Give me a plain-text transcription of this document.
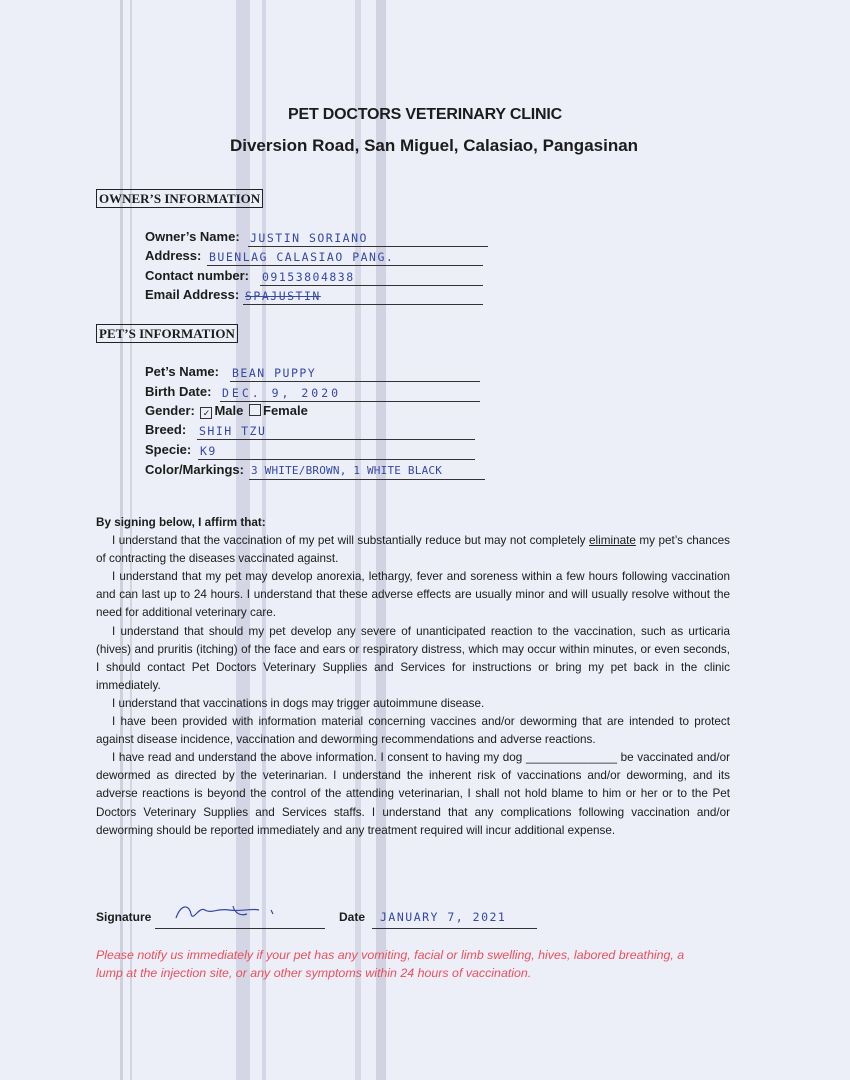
PET DOCTORS VETERINARY CLINIC
Diversion Road, San Miguel, Calasiao, Pangasinan
OWNER’S INFORMATION
Owner’s Name: JUSTIN SORIANO
Address: BUENLAG CALASIAO PANG.
Contact number: 09153804838
Email Address: SPAJUSTIN
PET’S INFORMATION
Pet’s Name: BEAN PUPPY
Birth Date: DEC. 9, 2020
Gender: ✓ Male Female
Breed: SHIH TZU
Specie: K9
Color/Markings: 3 WHITE/BROWN, 1 WHITE BLACK

By signing below, I affirm that:

I understand that the vaccination of my pet will substantially reduce but may not completely eliminate my pet’s chances of contracting the diseases vaccinated against.

I understand that my pet may develop anorexia, lethargy, fever and soreness within a few hours following vaccination and can last up to 24 hours. I understand that these adverse effects are usually minor and will usually resolve without the need for additional veterinary care.

I understand that should my pet develop any severe of unanticipated reaction to the vaccination, such as urticaria (hives) and pruritis (itching) of the face and ears or respiratory distress, which may occur within minutes, or even seconds, I should contact Pet Doctors Veterinary Supplies and Services for instructions or bring my pet back in the clinic immediately.

I understand that vaccinations in dogs may trigger autoimmune disease.

I have been provided with information material concerning vaccines and/or deworming that are intended to protect against disease incidence, vaccination and deworming recommendations and adverse reactions.

I have read and understand the above information. I consent to having my dog ______________ be vaccinated and/or dewormed as directed by the veterinarian. I understand the inherent risk of vaccinations and/or deworming, and its adverse reactions is beyond the control of the attending veterinarian, I shall not hold blame to him or her or to the Pet Doctors Veterinary Supplies and Services staffs. I understand that any complications following vaccination and/or deworming should be reported immediately and any treatment required will incur additional expense.

Signature	Date JANUARY 7, 2021
Please notify us immediately if your pet has any vomiting, facial or limb swelling, hives, labored breathing, a lump at the injection site, or any other symptoms within 24 hours of vaccination.
